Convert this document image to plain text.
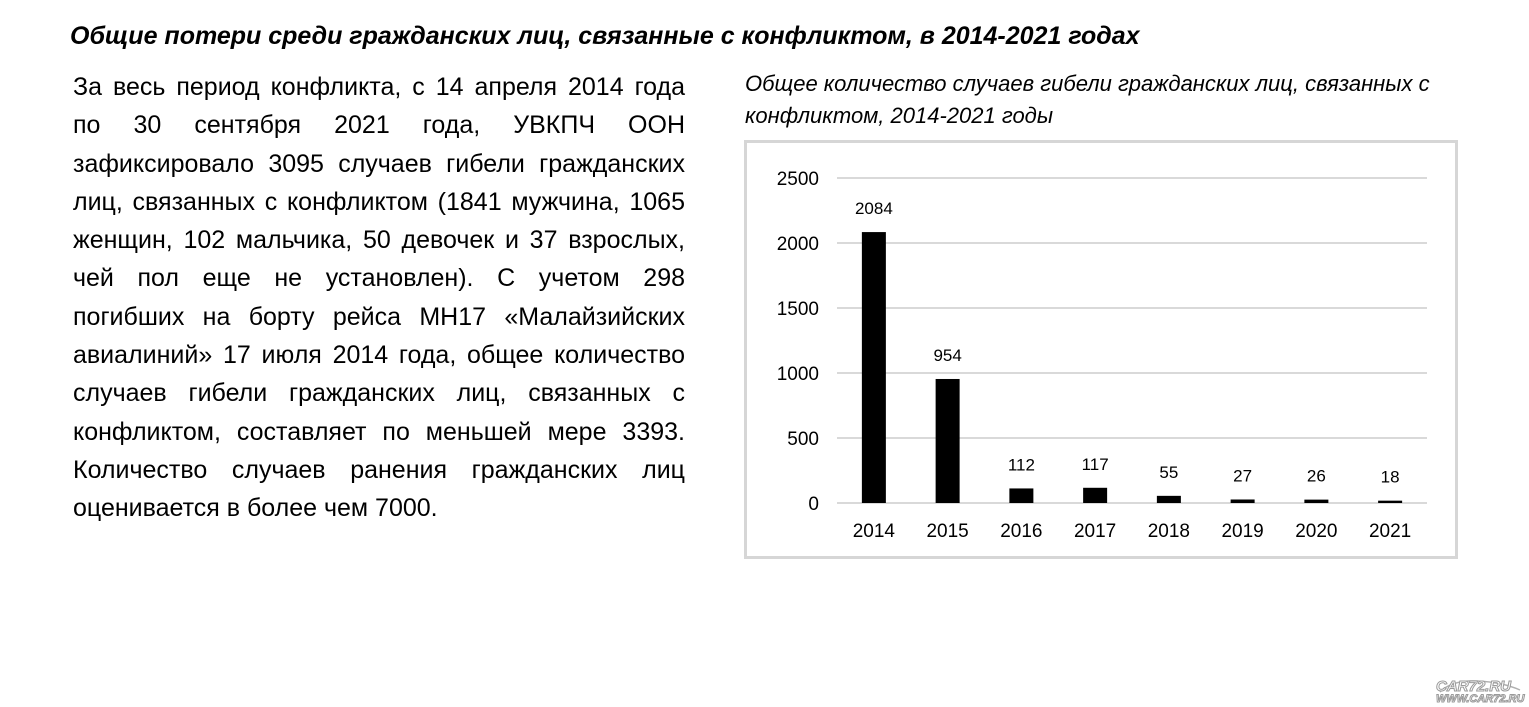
Общие потери среди гражданских лиц, связанные с конфликтом, в 2014-2021 годах

За весь период конфликта, с 14 апреля 2014 года по 30 сентября 2021 года, УВКПЧ ООН зафиксировало 3095 случаев гибели гражданских лиц, связанных с конфликтом (1841 мужчина, 1065 женщин, 102 мальчика, 50 девочек и 37 взрослых, чей пол еще не установлен). С учетом 298 погибших на борту рейса MH17 «Малайзийских авиалиний» 17 июля 2014 года, общее количество случаев гибели гражданских лиц, связанных с конфликтом, составляет по меньшей мере 3393. Количество случаев ранения гражданских лиц оценивается в более чем 7000.

Общее количество случаев гибели гражданских лиц, связанных с конфликтом, 2014-2021 годы

0
500
1000
1500
2000
2500
2084
2014
954
2015
112
2016
117
2017
55
2018
27
2019
26
2020
18
2021
CAR72.RU
WWW.CAR72.RU
